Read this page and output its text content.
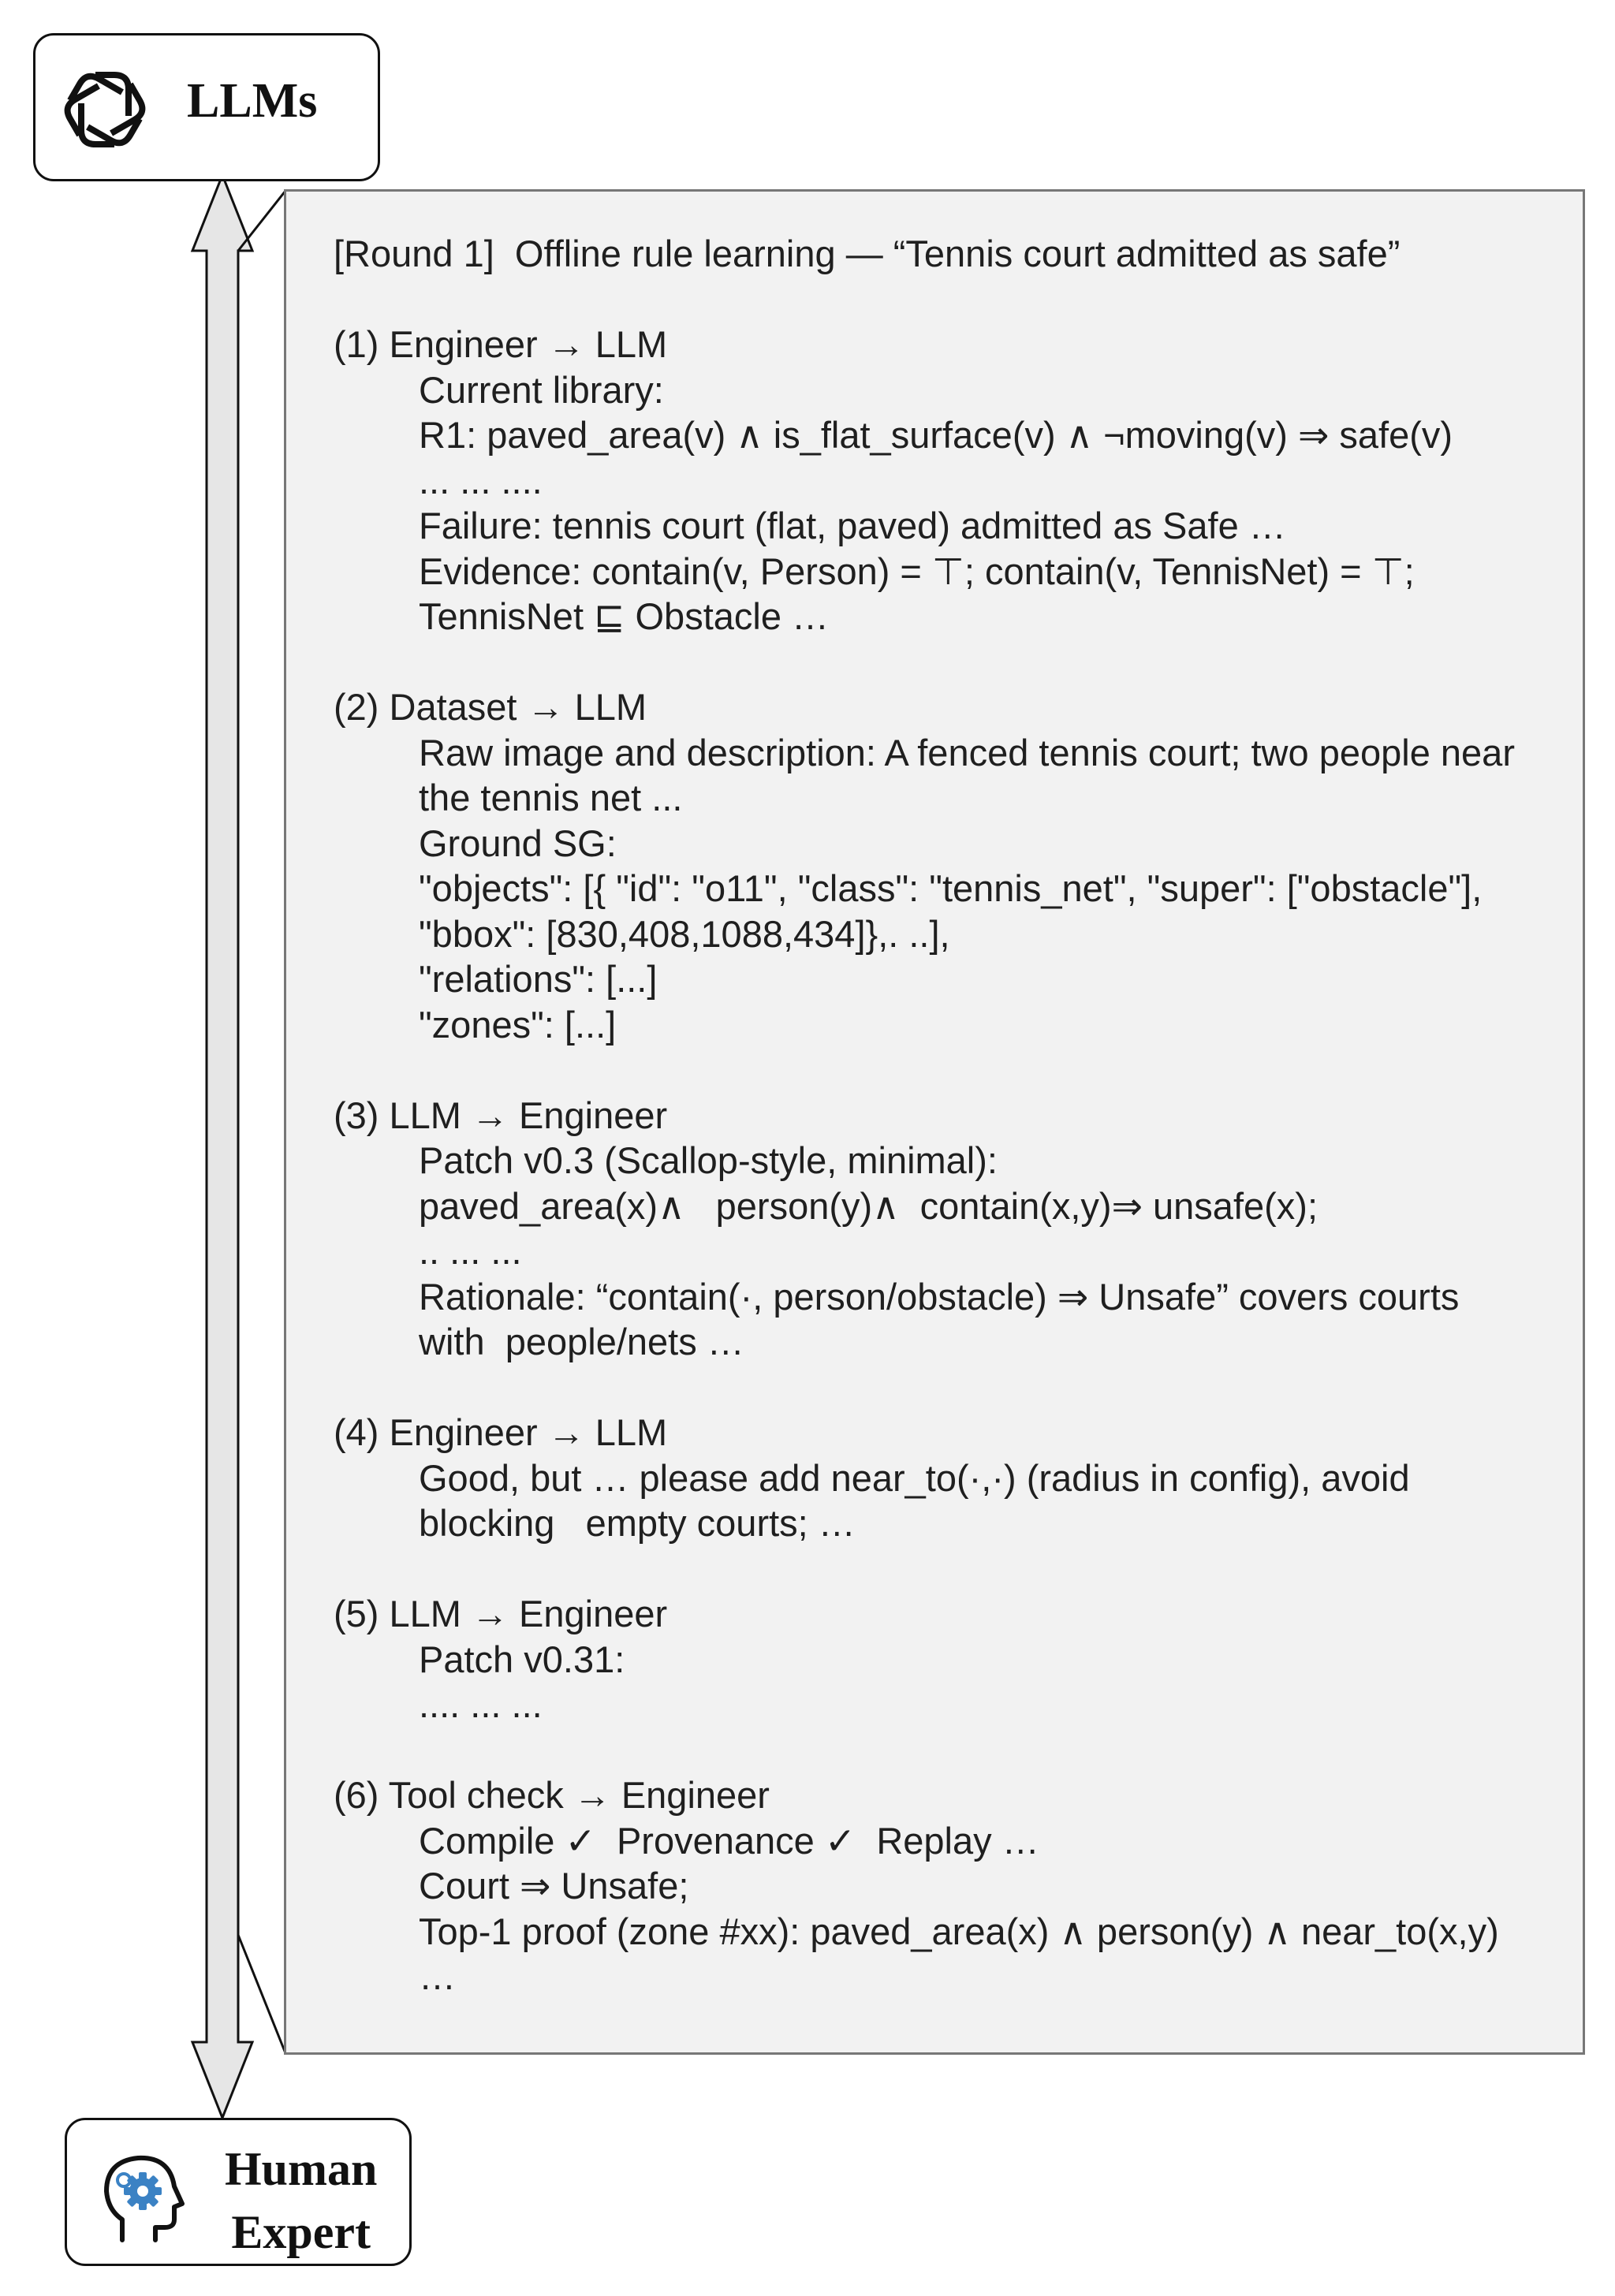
LLMs
[Round 1]  Offline rule learning — “Tennis court admitted as safe”
(1) Engineer → LLM
Current library:
R1: paved_area(v) ∧ is_flat_surface(v) ∧ ¬moving(v) ⇒ safe(v)
... ... ....
Failure: tennis court (flat, paved) admitted as Safe …
Evidence: contain(v, Person) = ⊤; contain(v, TennisNet) = ⊤;
TennisNet ⊑ Obstacle …
(2) Dataset → LLM
Raw image and description: A fenced tennis court; two people near
the tennis net ...
Ground SG:
"objects": [{ "id": "o11", "class": "tennis_net", "super": ["obstacle"],
"bbox": [830,408,1088,434]},. ..],
"relations": [...]
"zones": [...]
(3) LLM → Engineer
Patch v0.3 (Scallop-style, minimal):
paved_area(x)∧   person(y)∧  contain(x,y)⇒ unsafe(x);
.. ... ...
Rationale: “contain(·, person/obstacle) ⇒ Unsafe” covers courts
with  people/nets …
(4) Engineer → LLM
Good, but … please add near_to(·,·) (radius in config), avoid
blocking   empty courts; …
(5) LLM → Engineer
Patch v0.31:
.... ... ...
(6) Tool check → Engineer
Compile ✓  Provenance ✓  Replay …
Court ⇒ Unsafe;
Top-1 proof (zone #xx): paved_area(x) ∧ person(y) ∧ near_to(x,y)
…
Human
Expert
